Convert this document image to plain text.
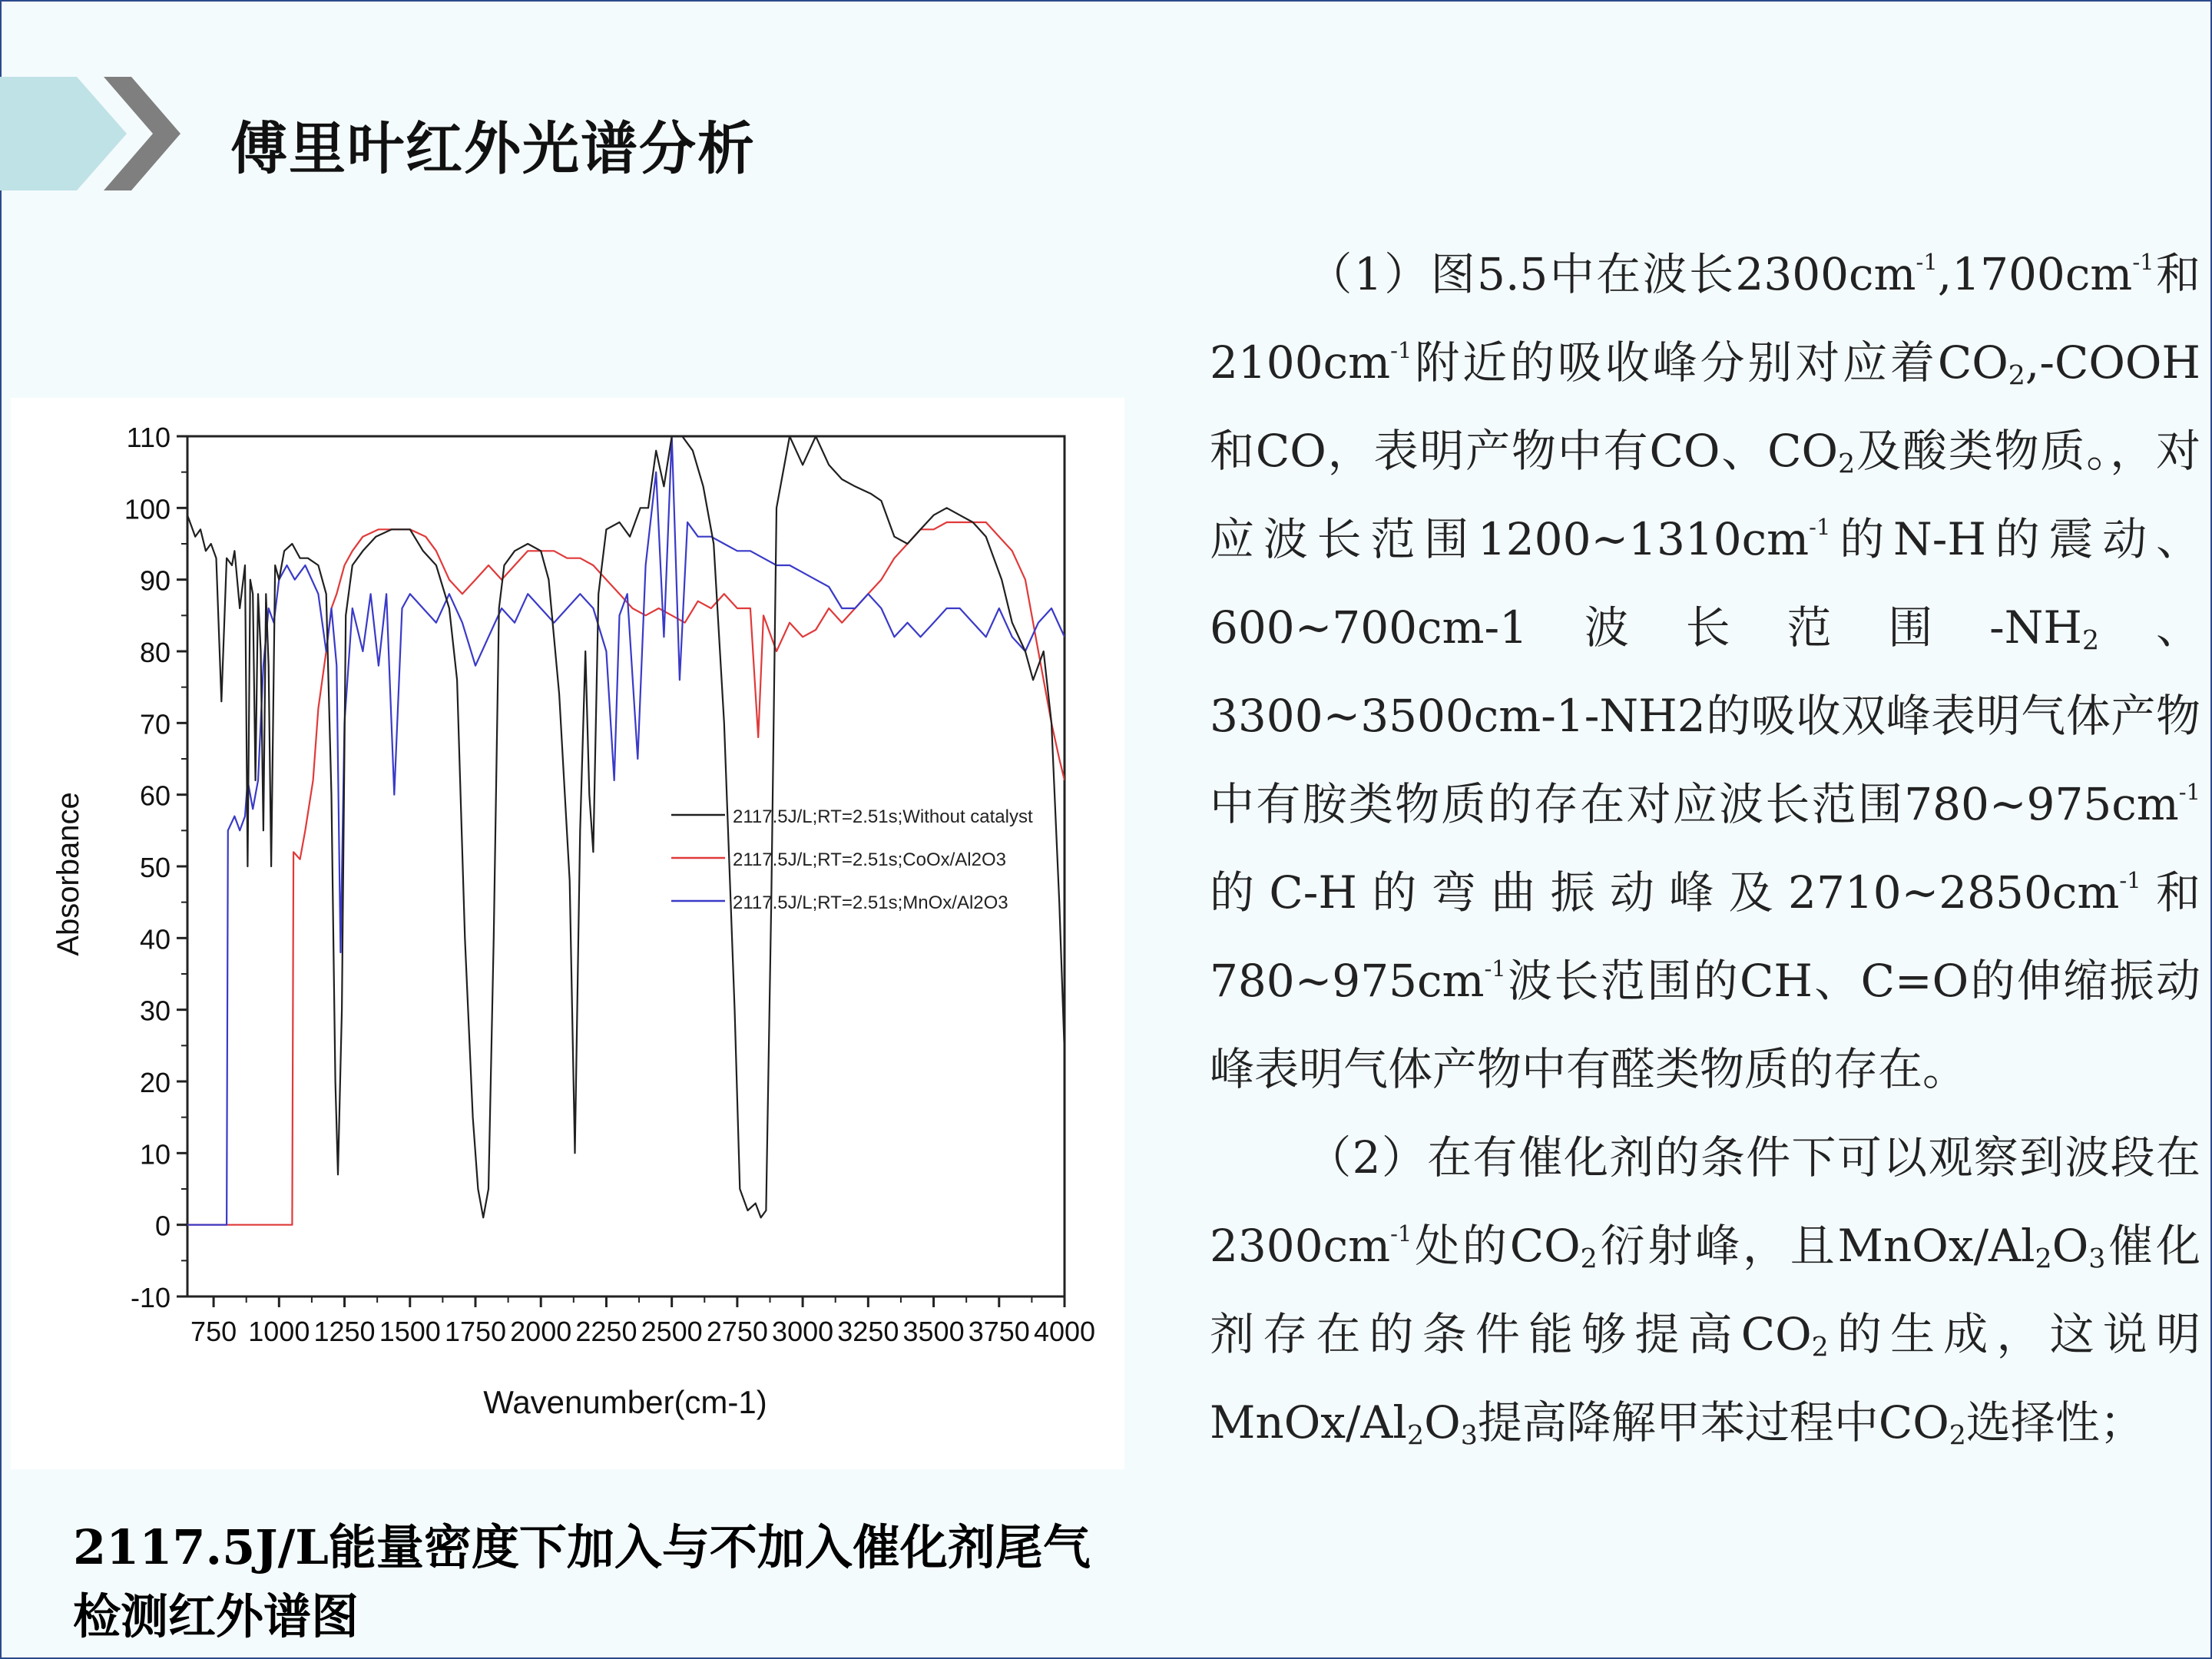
傅里叶红外光谱分析
-10
0
10
20
30
40
50
60
70
80
90
100
110
750 1000 1250 1500 1750 2000 2250 2500 2750 3000 3250 3500 3750 4000
2117.5J/L;RT=2.51s;Without catalyst
2117.5J/L;RT=2.51s;CoOx/Al2O3
2117.5J/L;RT=2.51s;MnOx/Al2O3
Absorbance
Wavenumber(cm-1)
2117.5J/L能量密度下加入与不加入催化剂尾气检测红外谱图

（1）图5.5中在波长$2300cm^{-1},1700cm^{-1}$和$2100cm^{-1}$附近的吸收峰分别对应着$CO_2$,-COOH和CO，表明产物中有CO、$CO_2$及酸类物质。，对应波长范围$1200\sim 1310cm^{-1}$的N-H的震动、600~700cm-1波长范围$-NH_2$、3300~3500cm-1-NH2的吸收双峰表明气体产物中有胺类物质的存在对应波长范围$780\sim 975cm^{-1}$的C-H的弯曲振动峰及$2710\sim 2850cm^{-1}$和$780\sim 975cm^{-1}$波长范围的CH、C=O的伸缩振动峰表明气体产物中有醛类物质的存在。

（2）在有催化剂的条件下可以观察到波段在$2300cm^{-1}$处的$CO_2$衍射峰，且MnOx/$Al_2O_3$催化剂存在的条件能够提高$CO_2$的生成，这说明MnOx/$Al_2O_3$提高降解甲苯过程中$CO_2$选择性；
